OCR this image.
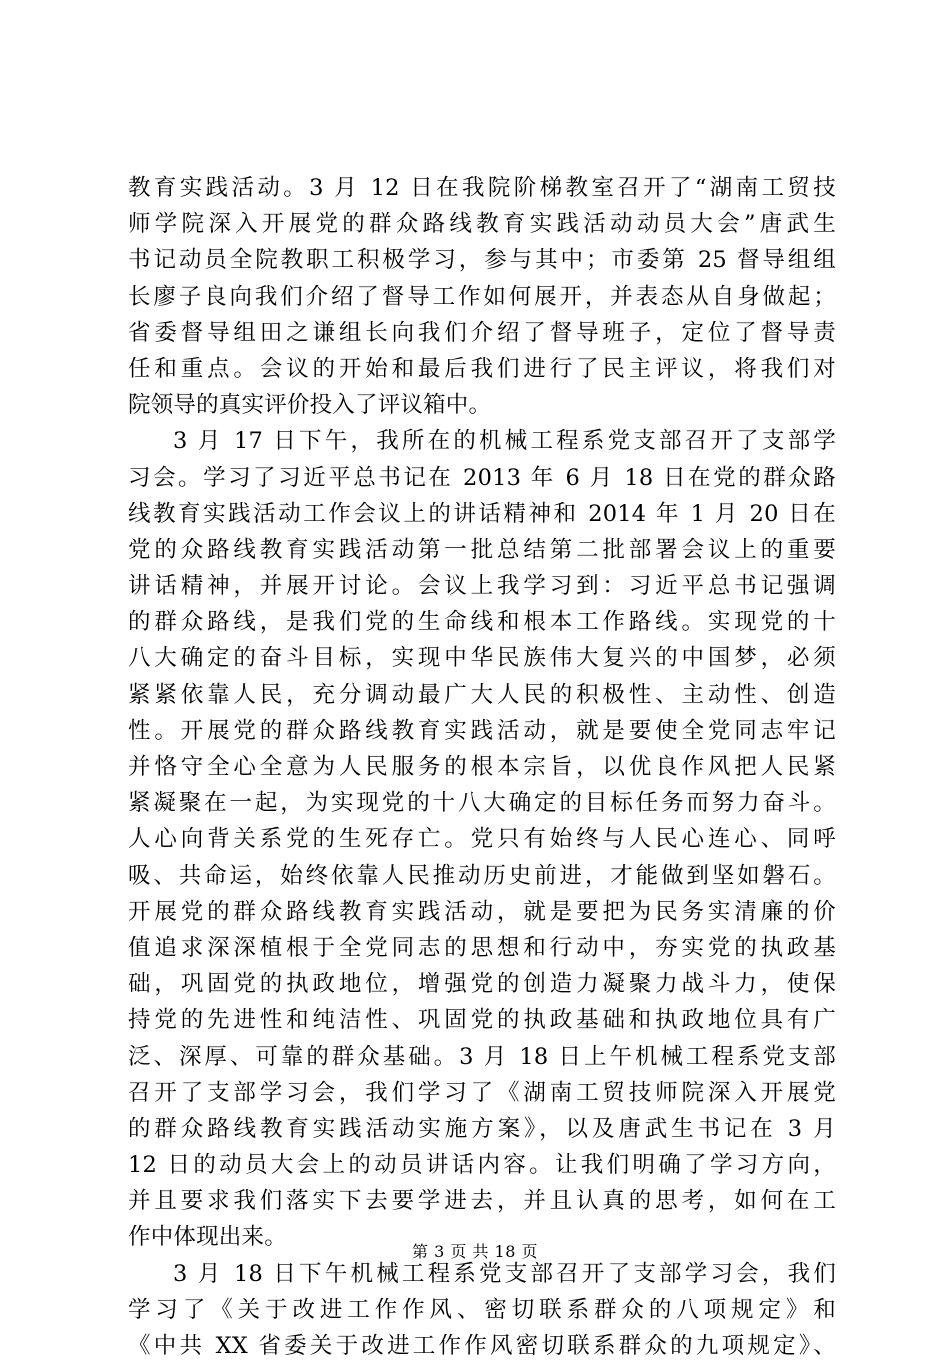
教育实践活动。3 月 12 日在我院阶梯教室召开了“湖南工贸技
师学院深入开展党的群众路线教育实践活动动员大会”唐武生
书记动员全院教职工积极学习，参与其中；市委第 25 督导组组
长廖子良向我们介绍了督导工作如何展开，并表态从自身做起；
省委督导组田之谦组长向我们介绍了督导班子，定位了督导责
任和重点。会议的开始和最后我们进行了民主评议，将我们对
院领导的真实评价投入了评议箱中。
3 月 17 日下午，我所在的机械工程系党支部召开了支部学
习会。学习了习近平总书记在 2013 年 6 月 18 日在党的群众路
线教育实践活动工作会议上的讲话精神和 2014 年 1 月 20 日在
党的众路线教育实践活动第一批总结第二批部署会议上的重要
讲话精神，并展开讨论。会议上我学习到：习近平总书记强调
的群众路线，是我们党的生命线和根本工作路线。实现党的十
八大确定的奋斗目标，实现中华民族伟大复兴的中国梦，必须
紧紧依靠人民，充分调动最广大人民的积极性、主动性、创造
性。开展党的群众路线教育实践活动，就是要使全党同志牢记
并恪守全心全意为人民服务的根本宗旨，以优良作风把人民紧
紧凝聚在一起，为实现党的十八大确定的目标任务而努力奋斗。
人心向背关系党的生死存亡。党只有始终与人民心连心、同呼
吸、共命运，始终依靠人民推动历史前进，才能做到坚如磐石。
开展党的群众路线教育实践活动，就是要把为民务实清廉的价
值追求深深植根于全党同志的思想和行动中，夯实党的执政基
础，巩固党的执政地位，增强党的创造力凝聚力战斗力，使保
持党的先进性和纯洁性、巩固党的执政基础和执政地位具有广
泛、深厚、可靠的群众基础。3 月 18 日上午机械工程系党支部
召开了支部学习会，我们学习了《湖南工贸技师院深入开展党
的群众路线教育实践活动实施方案》，以及唐武生书记在 3 月
12 日的动员大会上的动员讲话内容。让我们明确了学习方向，
并且要求我们落实下去要学进去，并且认真的思考，如何在工
作中体现出来。
3 月 18 日下午机械工程系党支部召开了支部学习会，我们
学习了《关于改进工作作风、密切联系群众的八项规定》和
《中共 XX 省委关于改进工作作风密切联系群众的九项规定》、
第 3 页 共 18 页
